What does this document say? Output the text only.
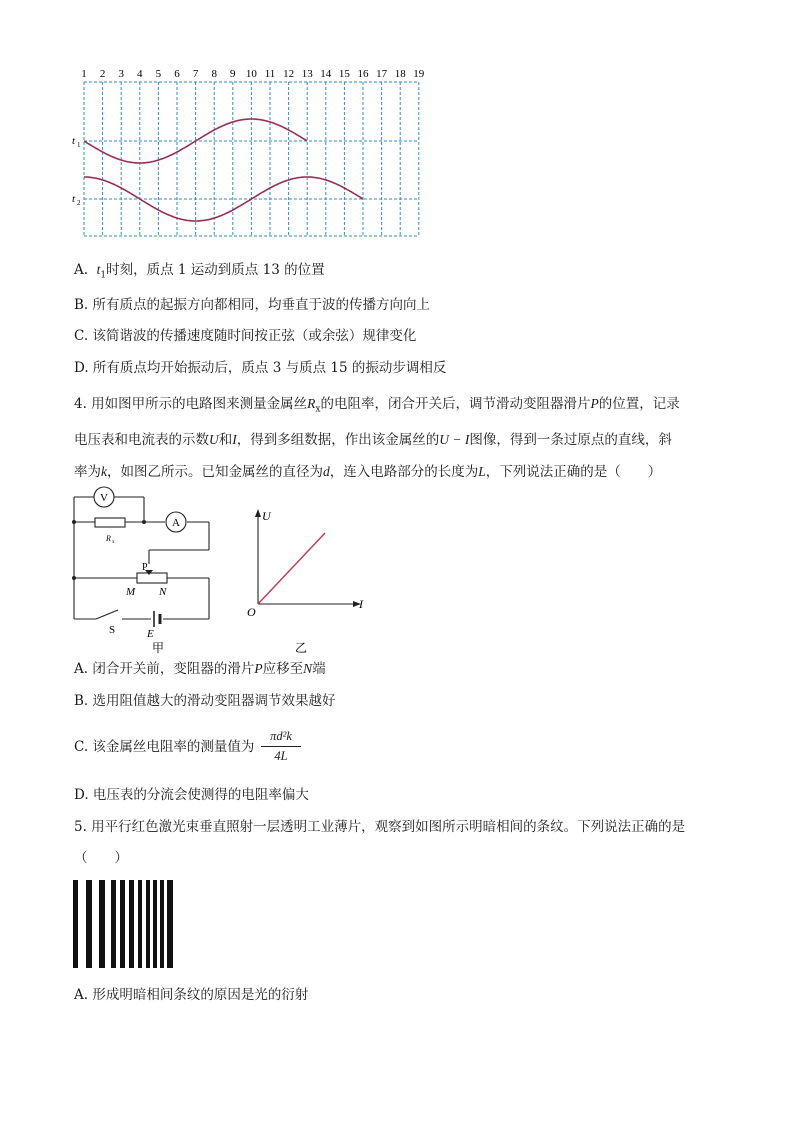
1 2 3 4 5 6 7 8 9 10 11 12 13 14 15 16 17 18 19
t 1
t 2
A. $t_1$时刻，质点 1 运动到质点 13 的位置
B. 所有质点的起振方向都相同，均垂直于波的传播方向向上
C. 该简谐波的传播速度随时间按正弦（或余弦）规律变化
D. 所有质点均开始振动后，质点 3 与质点 15 的振动步调相反
4. 用如图甲所示的电路图来测量金属丝$R_x$的电阻率，闭合开关后，调节滑动变阻器滑片P的位置，记录
电压表和电流表的示数U和I，得到多组数据，作出该金属丝的U − I图像，得到一条过原点的直线，斜
率为k，如图乙所示。已知金属丝的直径为d，连入电路部分的长度为L，下列说法正确的是（　　）
V
A
R x
P
M N
S	E
甲
U
I
O
乙
A. 闭合开关前，变阻器的滑片P应移至N端
B. 选用阻值越大的滑动变阻器调节效果越好
C. 该金属丝电阻率的测量值为
πd²k
4L
D. 电压表的分流会使测得的电阻率偏大
5. 用平行红色激光束垂直照射一层透明工业薄片，观察到如图所示明暗相间的条纹。下列说法正确的是
（　　）
A. 形成明暗相间条纹的原因是光的衍射
